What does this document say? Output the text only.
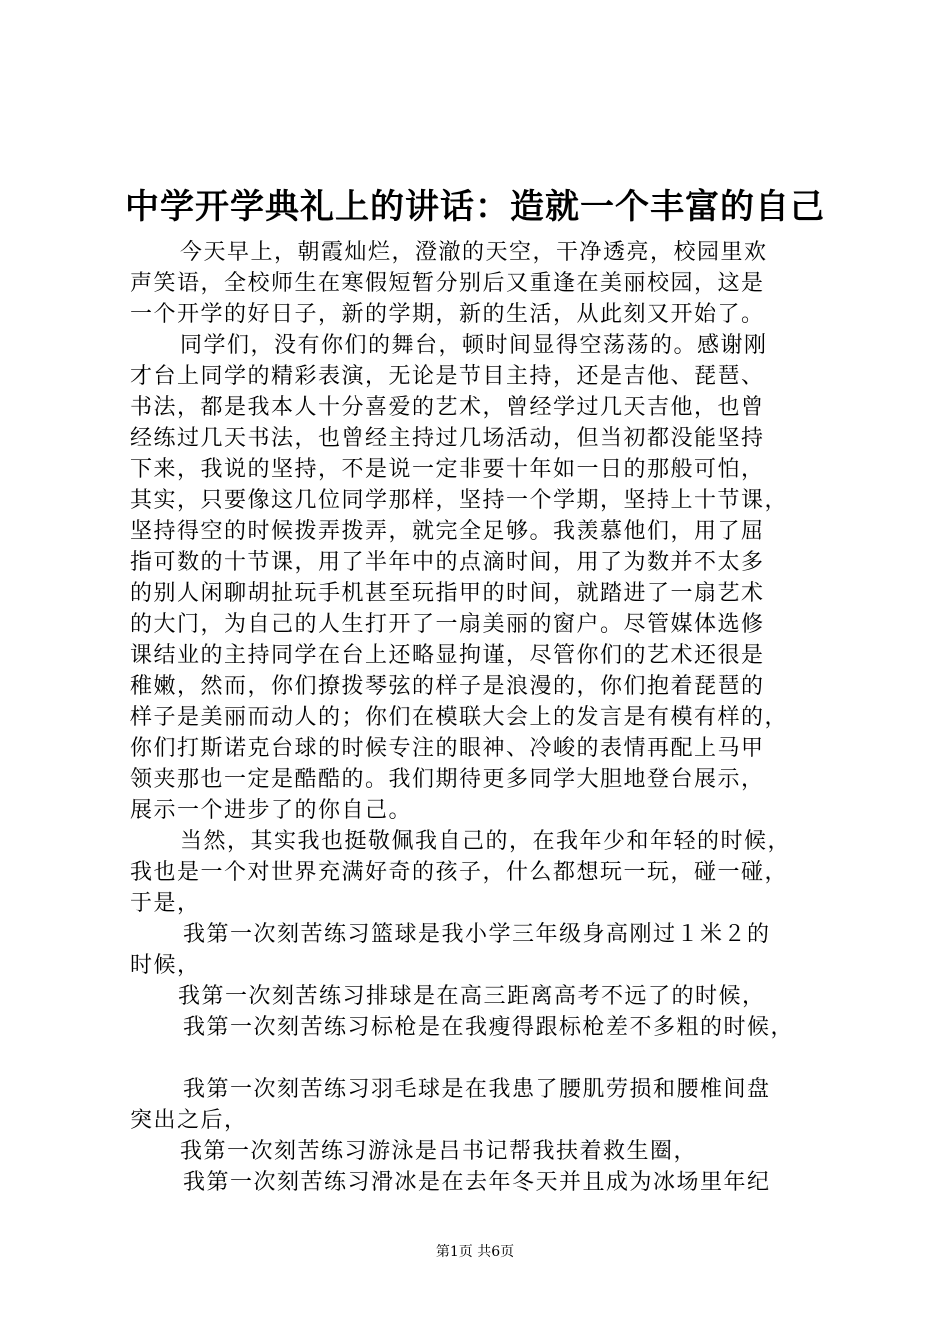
中学开学典礼上的讲话：造就一个丰富的自己
今天早上，朝霞灿烂，澄澈的天空，干净透亮，校园里欢
声笑语，全校师生在寒假短暂分别后又重逢在美丽校园，这是
一个开学的好日子，新的学期，新的生活，从此刻又开始了。
同学们，没有你们的舞台，顿时间显得空荡荡的。感谢刚
才台上同学的精彩表演，无论是节目主持，还是吉他、琵琶、
书法，都是我本人十分喜爱的艺术，曾经学过几天吉他，也曾
经练过几天书法，也曾经主持过几场活动，但当初都没能坚持
下来，我说的坚持，不是说一定非要十年如一日的那般可怕，
其实，只要像这几位同学那样，坚持一个学期，坚持上十节课，
坚持得空的时候拨弄拨弄，就完全足够。我羡慕他们，用了屈
指可数的十节课，用了半年中的点滴时间，用了为数并不太多
的别人闲聊胡扯玩手机甚至玩指甲的时间，就踏进了一扇艺术
的大门，为自己的人生打开了一扇美丽的窗户。尽管媒体选修
课结业的主持同学在台上还略显拘谨，尽管你们的艺术还很是
稚嫩，然而，你们撩拨琴弦的样子是浪漫的，你们抱着琵琶的
样子是美丽而动人的；你们在模联大会上的发言是有模有样的，
你们打斯诺克台球的时候专注的眼神、冷峻的表情再配上马甲
领夹那也一定是酷酷的。我们期待更多同学大胆地登台展示，
展示一个进步了的你自己。
当然，其实我也挺敬佩我自己的，在我年少和年轻的时候，
我也是一个对世界充满好奇的孩子，什么都想玩一玩，碰一碰，
于是，
我第一次刻苦练习篮球是我小学三年级身高刚过１米２的
时候，
我第一次刻苦练习排球是在高三距离高考不远了的时候，
我第一次刻苦练习标枪是在我瘦得跟标枪差不多粗的时候，
我第一次刻苦练习羽毛球是在我患了腰肌劳损和腰椎间盘
突出之后，
我第一次刻苦练习游泳是吕书记帮我扶着救生圈，
我第一次刻苦练习滑冰是在去年冬天并且成为冰场里年纪
第1页 共6页
